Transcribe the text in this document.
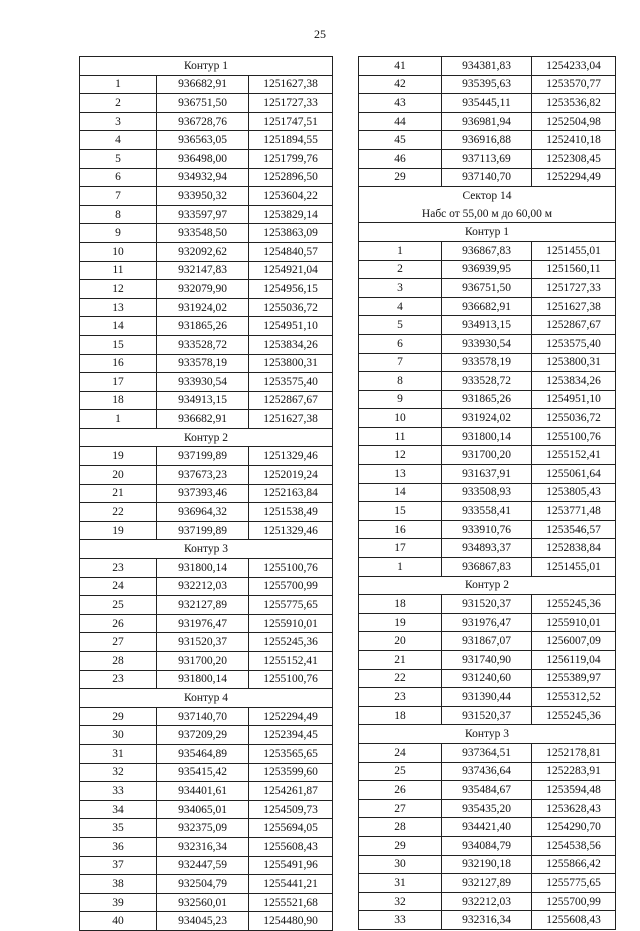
25
Контур 1		
1	936682,91	1251627,38
2	936751,50	1251727,33
3	936728,76	1251747,51
4	936563,05	1251894,55
5	936498,00	1251799,76
6	934932,94	1252896,50
7	933950,32	1253604,22
8	933597,97	1253829,14
9	933548,50	1253863,09
10	932092,62	1254840,57
11	932147,83	1254921,04
12	932079,90	1254956,15
13	931924,02	1255036,72
14	931865,26	1254951,10
15	933528,72	1253834,26
16	933578,19	1253800,31
17	933930,54	1253575,40
18	934913,15	1252867,67
1	936682,91	1251627,38
Контур 2		
19	937199,89	1251329,46
20	937673,23	1252019,24
21	937393,46	1252163,84
22	936964,32	1251538,49
19	937199,89	1251329,46
Контур 3		
23	931800,14	1255100,76
24	932212,03	1255700,99
25	932127,89	1255775,65
26	931976,47	1255910,01
27	931520,37	1255245,36
28	931700,20	1255152,41
23	931800,14	1255100,76
Контур 4		
29	937140,70	1252294,49
30	937209,29	1252394,45
31	935464,89	1253565,65
32	935415,42	1253599,60
33	934401,61	1254261,87
34	934065,01	1254509,73
35	932375,09	1255694,05
36	932316,34	1255608,43
37	932447,59	1255491,96
38	932504,79	1255441,21
39	932560,01	1255521,68
40	934045,23	1254480,90
41	934381,83	1254233,04
42	935395,63	1253570,77
43	935445,11	1253536,82
44	936981,94	1252504,98
45	936916,88	1252410,18
46	937113,69	1252308,45
29	937140,70	1252294,49
Сектор 14		
Набс от 55,00 м до 60,00 м		
Контур 1		
1	936867,83	1251455,01
2	936939,95	1251560,11
3	936751,50	1251727,33
4	936682,91	1251627,38
5	934913,15	1252867,67
6	933930,54	1253575,40
7	933578,19	1253800,31
8	933528,72	1253834,26
9	931865,26	1254951,10
10	931924,02	1255036,72
11	931800,14	1255100,76
12	931700,20	1255152,41
13	931637,91	1255061,64
14	933508,93	1253805,43
15	933558,41	1253771,48
16	933910,76	1253546,57
17	934893,37	1252838,84
1	936867,83	1251455,01
Контур 2		
18	931520,37	1255245,36
19	931976,47	1255910,01
20	931867,07	1256007,09
21	931740,90	1256119,04
22	931240,60	1255389,97
23	931390,44	1255312,52
18	931520,37	1255245,36
Контур 3		
24	937364,51	1252178,81
25	937436,64	1252283,91
26	935484,67	1253594,48
27	935435,20	1253628,43
28	934421,40	1254290,70
29	934084,79	1254538,56
30	932190,18	1255866,42
31	932127,89	1255775,65
32	932212,03	1255700,99
33	932316,34	1255608,43
